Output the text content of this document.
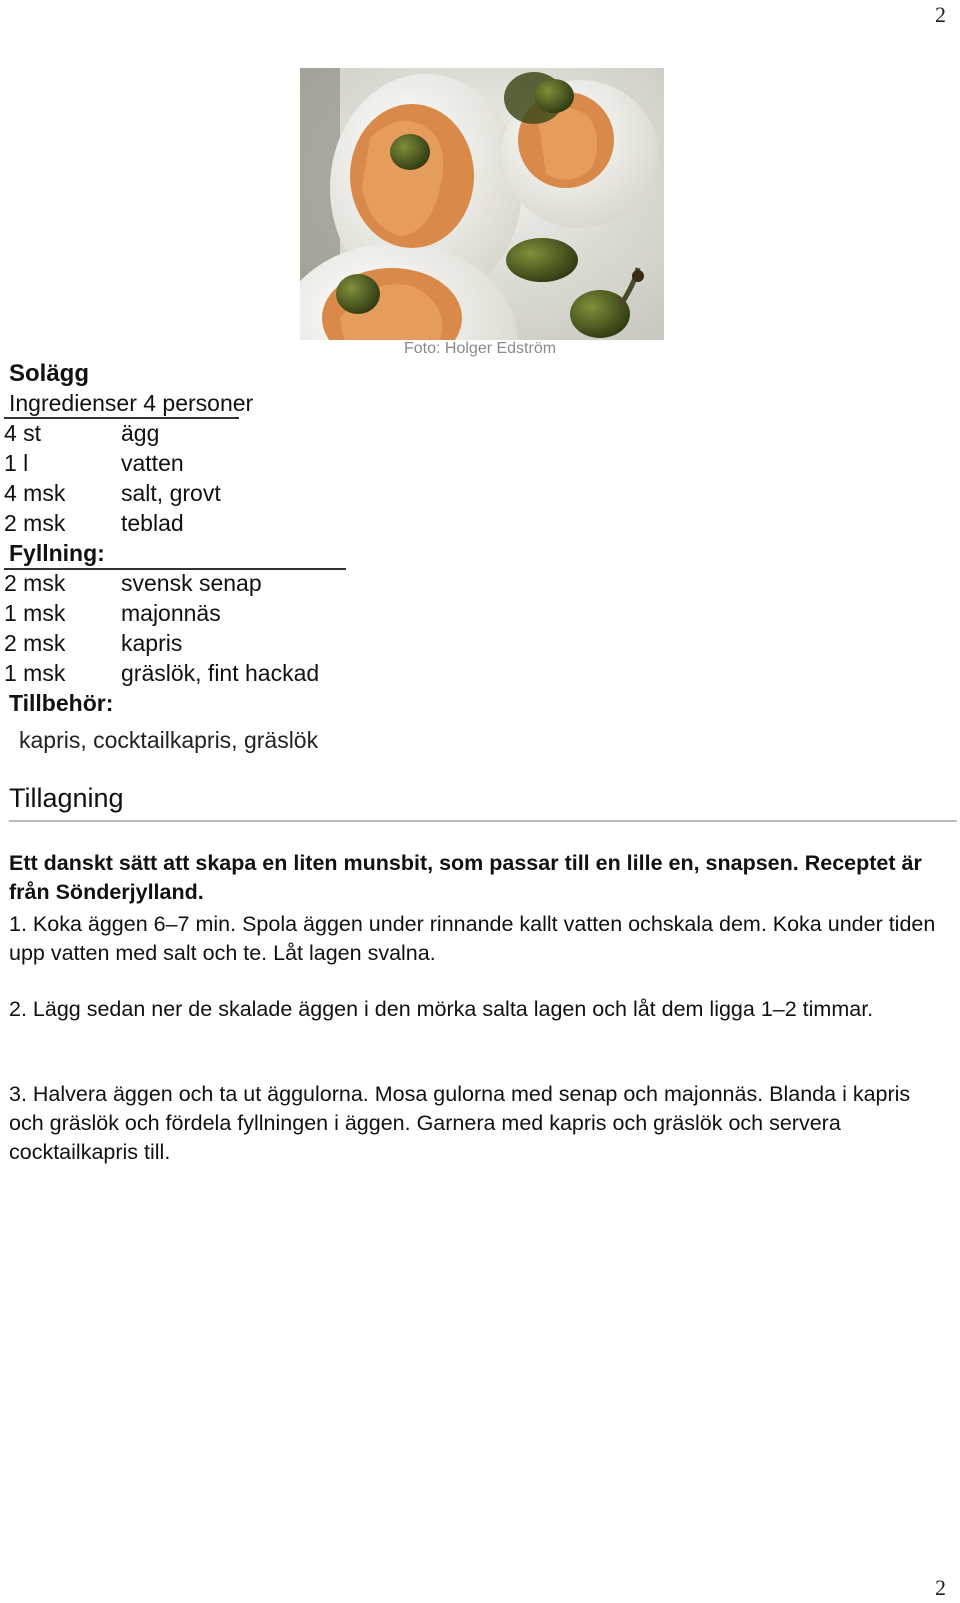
2
Foto: Holger Edström
Solägg
Ingredienser 4 personer
4 st	ägg
1 l	vatten
4 msk salt, grovt
2 msk teblad
Fyllning:
2 msk svensk senap
1 msk majonnäs
2 msk kapris
1 msk gräslök, fint hackad
Tillbehör:
kapris, cocktailkapris, gräslök
Tillagning
Ett danskt sätt att skapa en liten munsbit, som passar till en lille en, snapsen. Receptet är från Sönderjylland.
1. Koka äggen 6–7 min. Spola äggen under rinnande kallt vatten ochskala dem. Koka under tiden upp vatten med salt och te. Låt lagen svalna.
2. Lägg sedan ner de skalade äggen i den mörka salta lagen och låt dem ligga 1–2 timmar.
3. Halvera äggen och ta ut äggulorna. Mosa gulorna med senap och majonnäs. Blanda i kapris och gräslök och fördela fyllningen i äggen. Garnera med kapris och gräslök och servera cocktailkapris till.
2
